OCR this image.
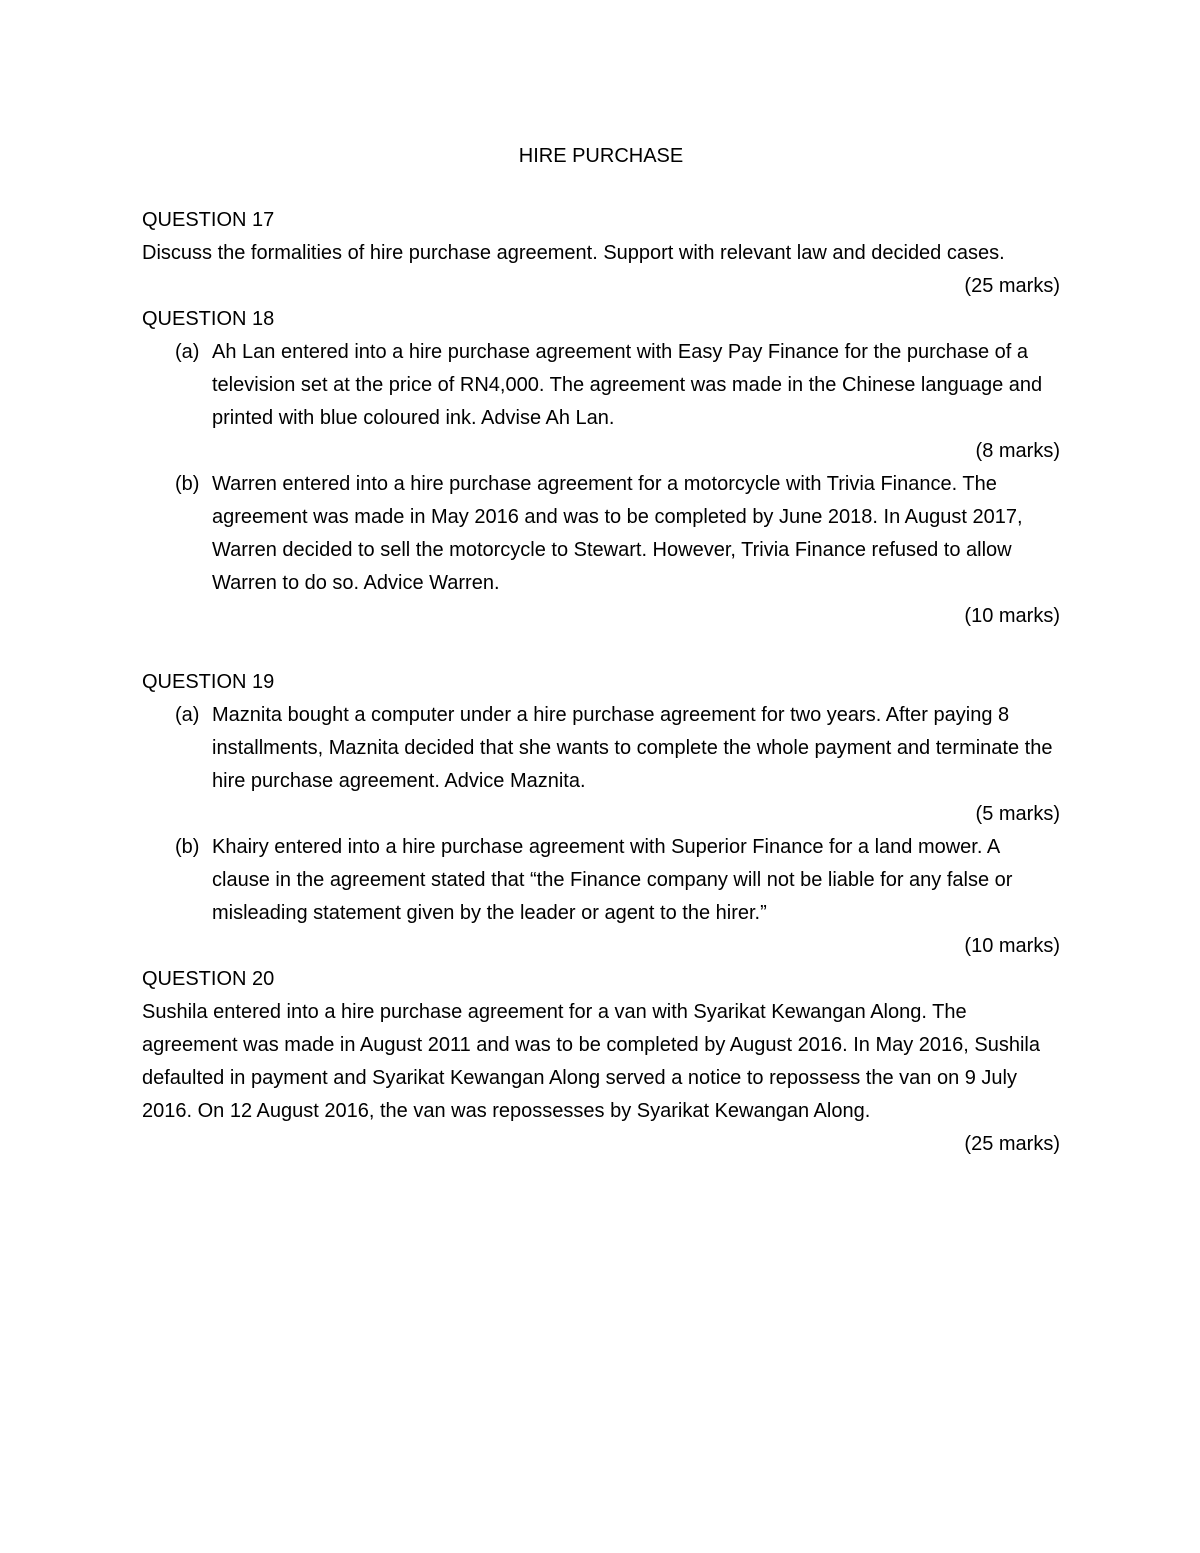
HIRE PURCHASE
QUESTION 17

Discuss the formalities of hire purchase agreement. Support with relevant law and decided cases.

(25 marks)
QUESTION 18
(a) Ah Lan entered into a hire purchase agreement with Easy Pay Finance for the purchase of a television set at the price of RN4,000. The agreement was made in the Chinese language and printed with blue coloured ink. Advise Ah Lan.
(8 marks)
(b) Warren entered into a hire purchase agreement for a motorcycle with Trivia Finance. The agreement was made in May 2016 and was to be completed by June 2018. In August 2017, Warren decided to sell the motorcycle to Stewart. However, Trivia Finance refused to allow Warren to do so. Advice Warren.
(10 marks)
QUESTION 19
(a) Maznita bought a computer under a hire purchase agreement for two years. After paying 8 installments, Maznita decided that she wants to complete the whole payment and terminate the hire purchase agreement. Advice Maznita.
(5 marks)
(b) Khairy entered into a hire purchase agreement with Superior Finance for a land mower. A clause in the agreement stated that “the Finance company will not be liable for any false or misleading statement given by the leader or agent to the hirer.”
(10 marks)
QUESTION 20

Sushila entered into a hire purchase agreement for a van with Syarikat Kewangan Along. The agreement was made in August 2011 and was to be completed by August 2016. In May 2016, Sushila defaulted in payment and Syarikat Kewangan Along served a notice to repossess the van on 9 July 2016. On 12 August 2016, the van was repossesses by Syarikat Kewangan Along.

(25 marks)
